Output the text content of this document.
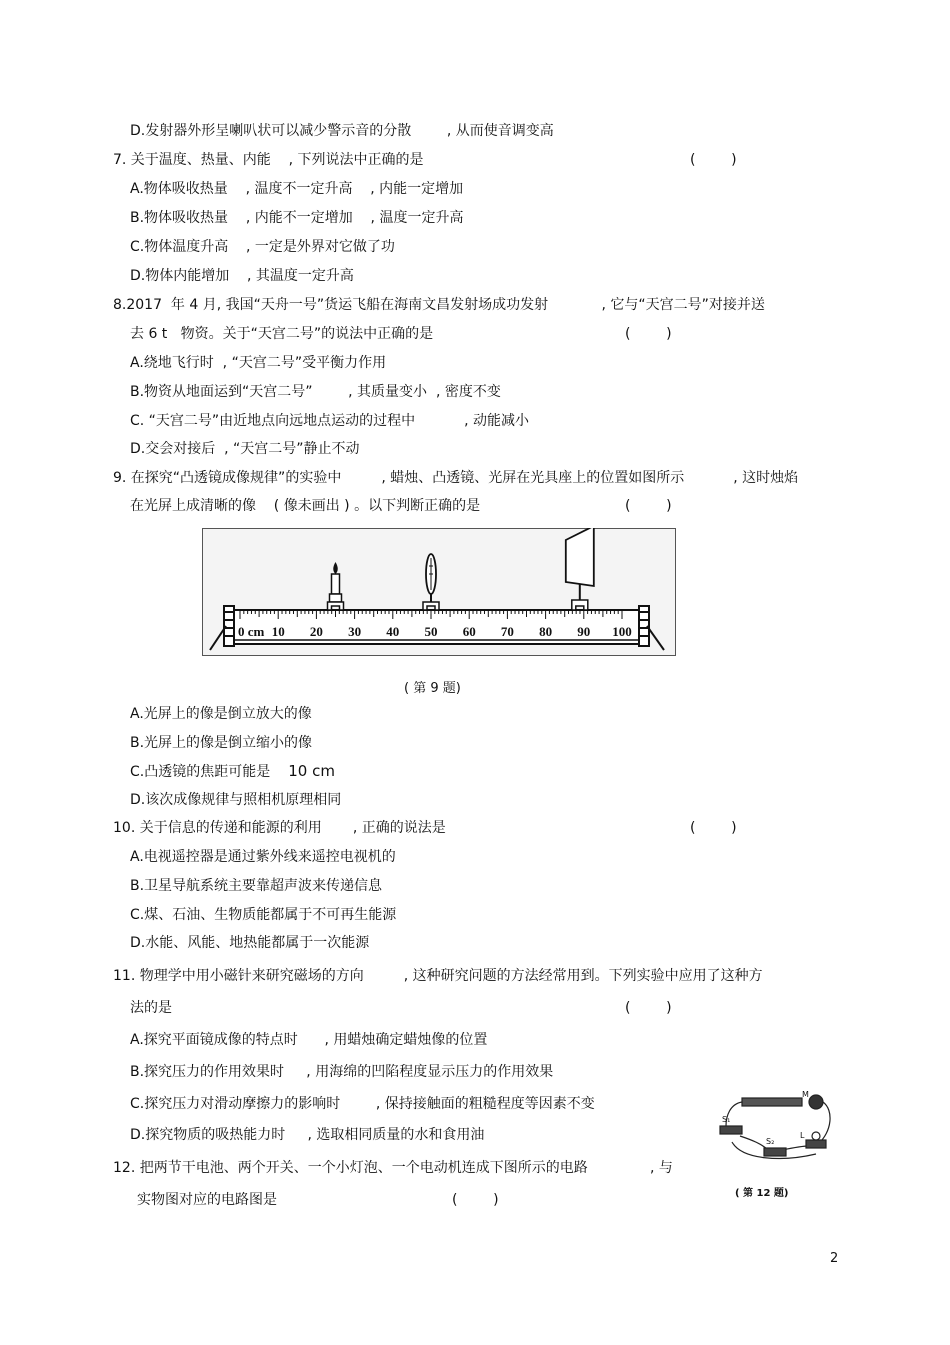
D.发射器外形呈喇叭状可以减少警示音的分散        , 从而使音调变高
7. 关于温度、热量、内能    , 下列说法中正确的是	(        )
A.物体吸收热量    , 温度不一定升高    , 内能一定增加
B.物体吸收热量    , 内能不一定增加    , 温度一定升高
C.物体温度升高    , 一定是外界对它做了功
D.物体内能增加    , 其温度一定升高
8.2017  年 4 月, 我国“天舟一号”货运飞船在海南文昌发射场成功发射            , 它与“天宫二号”对接并送
去 6 t   物资。关于“天宫二号”的说法中正确的是	(        )
A.绕地飞行时  , “天宫二号”受平衡力作用
B.物资从地面运到“天宫二号”        , 其质量变小  , 密度不变
C. “天宫二号”由近地点向远地点运动的过程中           , 动能减小
D.交会对接后  , “天宫二号”静止不动
9. 在探究“凸透镜成像规律”的实验中         , 蜡烛、凸透镜、光屏在光具座上的位置如图所示           , 这时烛焰
在光屏上成清晰的像    ( 像未画出 ) 。以下判断正确的是	(        )
0 cm 10 20 30 40 50 60 70 80 90 100
( 第 9 题)
A.光屏上的像是倒立放大的像
B.光屏上的像是倒立缩小的像
C.凸透镜的焦距可能是 10 cm
D.该次成像规律与照相机原理相同
10. 关于信息的传递和能源的利用       , 正确的说法是	(        )
A.电视遥控器是通过紫外线来遥控电视机的
B.卫星导航系统主要靠超声波来传递信息
C.煤、石油、生物质能都属于不可再生能源
D.水能、风能、地热能都属于一次能源
11. 物理学中用小磁针来研究磁场的方向         , 这种研究问题的方法经常用到。下列实验中应用了这种方
法的是	(        )
A.探究平面镜成像的特点时      , 用蜡烛确定蜡烛像的位置
B.探究压力的作用效果时     , 用海绵的凹陷程度显示压力的作用效果
C.探究压力对滑动摩擦力的影响时        , 保持接触面的粗糙程度等因素不变
D.探究物质的吸热能力时     , 选取相同质量的水和食用油
12. 把两节干电池、两个开关、一个小灯泡、一个电动机连成下图所示的电路              , 与
实物图对应的电路图是	(        )
M
S₁
S₂
L
( 第 12 题)
2
